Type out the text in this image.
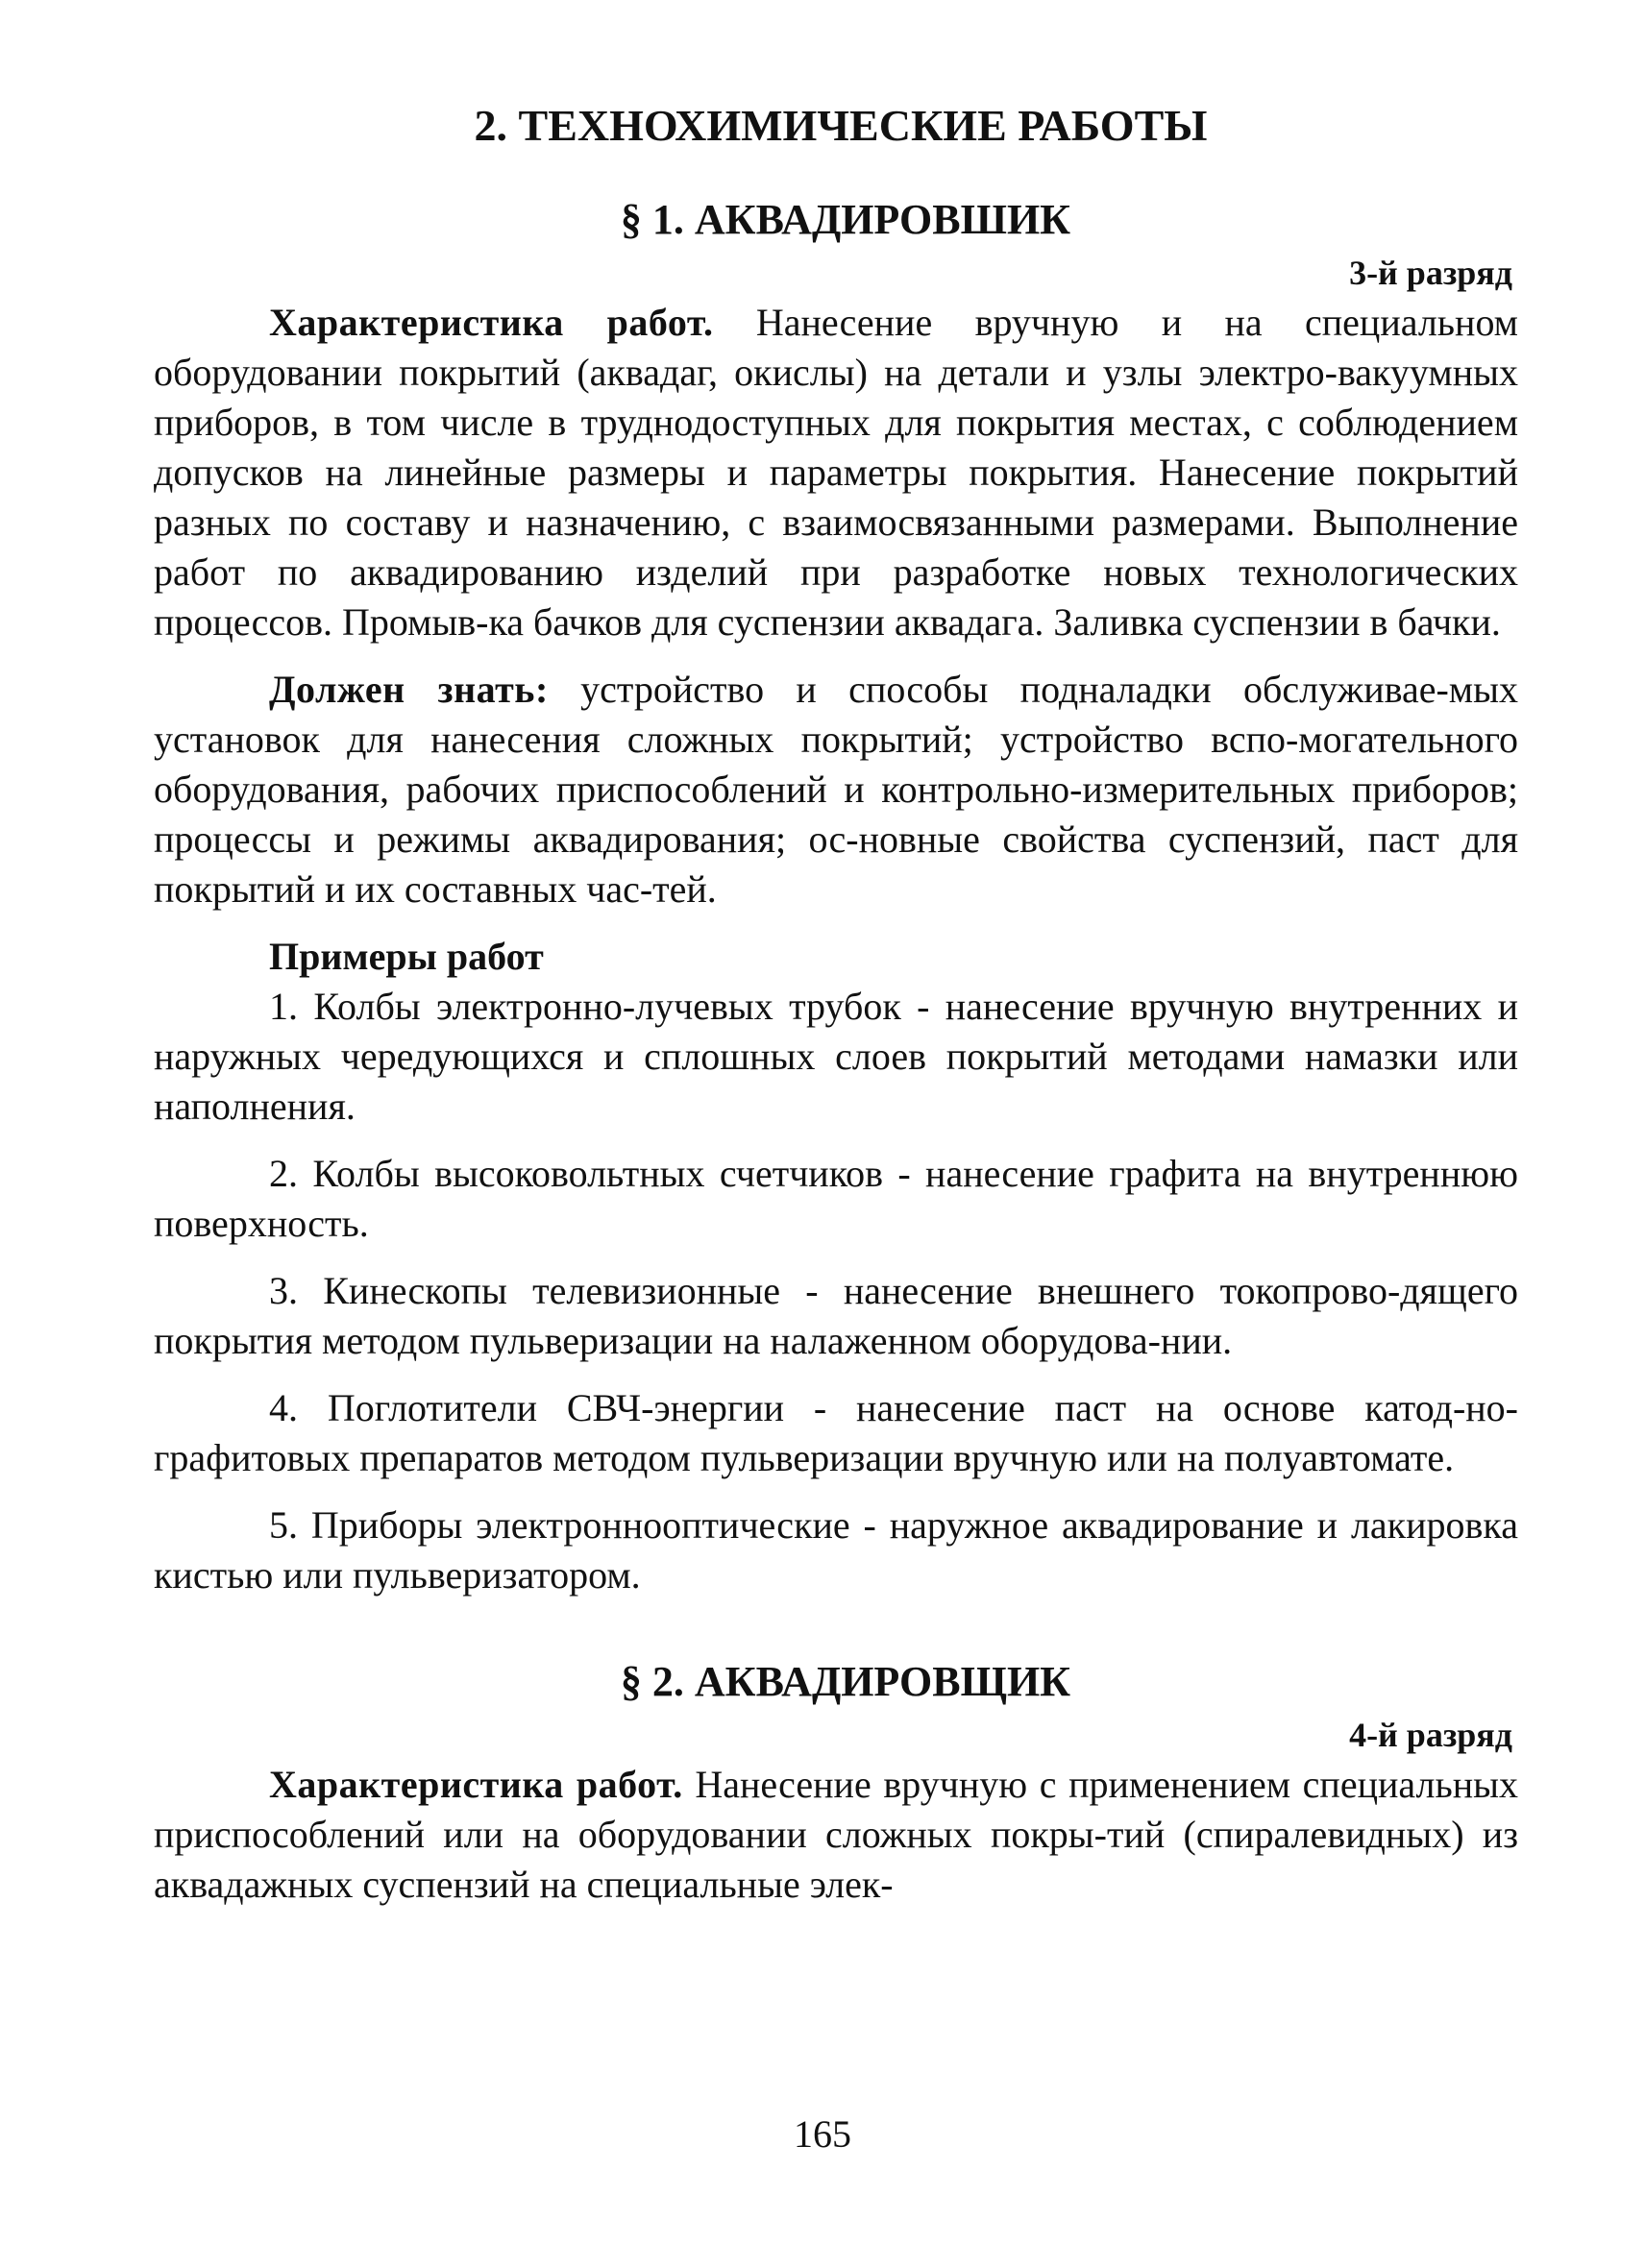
2. ТЕХНОХИМИЧЕСКИЕ РАБОТЫ
§ 1. АКВАДИРОВШИК
3-й разряд

Характеристика работ. Нанесение вручную и на специальном оборудовании покрытий (аквадаг, окислы) на детали и узлы электро-вакуумных приборов, в том числе в труднодоступных для покрытия местах, с соблюдением допусков на линейные размеры и параметры покрытия. Нанесение покрытий разных по составу и назначению, с взаимосвязанными размерами. Выполнение работ по аквадированию изделий при разработке новых технологических процессов. Промыв-ка бачков для суспензии аквадага. Заливка суспензии в бачки.

Должен знать: устройство и способы подналадки обслуживае-мых установок для нанесения сложных покрытий; устройство вспо-могательного оборудования, рабочих приспособлений и контрольно-измерительных приборов; процессы и режимы аквадирования; ос-новные свойства суспензий, паст для покрытий и их составных час-тей.

Примеры работ

1. Колбы электронно-лучевых трубок - нанесение вручную внутренних и наружных чередующихся и сплошных слоев покрытий методами намазки или наполнения.

2. Колбы высоковольтных счетчиков - нанесение графита на внутреннюю поверхность.

3. Кинескопы телевизионные - нанесение внешнего токопрово-дящего покрытия методом пульверизации на налаженном оборудова-нии.

4. Поглотители СВЧ-энергии - нанесение паст на основе катод-но-графитовых препаратов методом пульверизации вручную или на полуавтомате.

5. Приборы электроннооптические - наружное аквадирование и лакировка кистью или пульверизатором.

§ 2. АКВАДИРОВЩИК
4-й разряд

Характеристика работ. Нанесение вручную с применением специальных приспособлений или на оборудовании сложных покры-тий (спиралевидных) из аквадажных суспензий на специальные элек-

165
